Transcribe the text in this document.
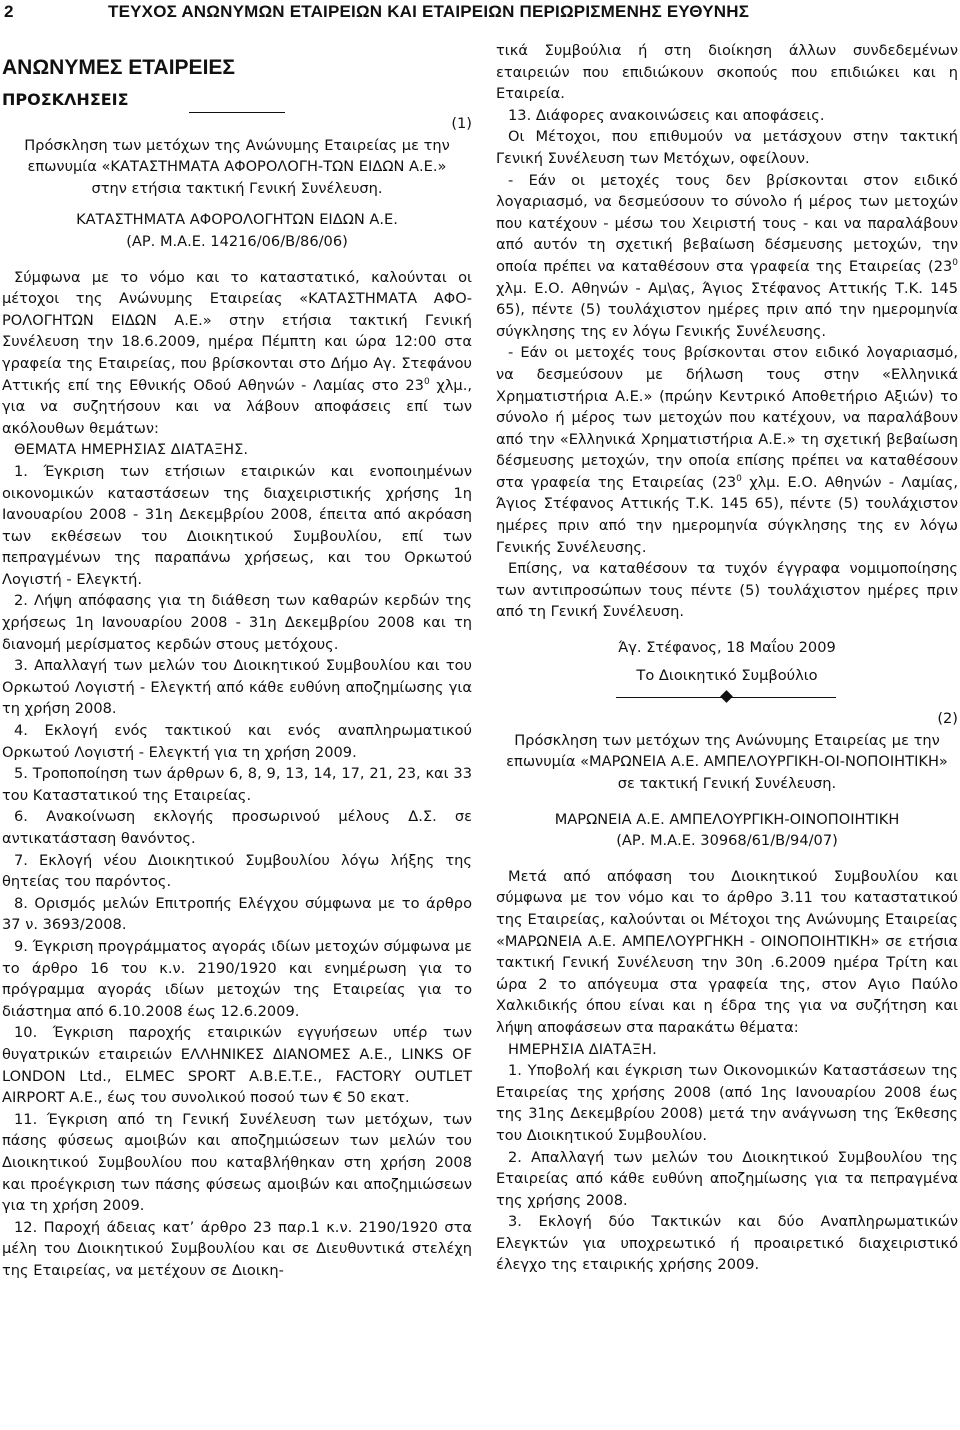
2	ΤΕΥΧΟΣ ΑΝΩΝΥΜΩΝ ΕΤΑΙΡΕΙΩΝ ΚΑΙ ΕΤΑΙΡΕΙΩΝ ΠΕΡΙΩΡΙΣΜΕΝΗΣ ΕΥΘΥΝΗΣ

ΑΝΩΝΥΜΕΣ ΕΤΑΙΡΕΙΕΣ

ΠΡΟΣΚΛΗΣΕΙΣ

(1)

Πρόσκληση των μετόχων της Ανώνυμης Εταιρείας με την επωνυμία «ΚΑΤΑΣΤΗΜΑΤΑ ΑΦΟΡΟΛΟΓΗ-ΤΩΝ ΕΙΔΩΝ Α.Ε.» στην ετήσια τακτική Γενική Συνέλευση.

ΚΑΤΑΣΤΗΜΑΤΑ ΑΦΟΡΟΛΟΓΗΤΩΝ ΕΙΔΩΝ Α.Ε.

(ΑΡ. Μ.Α.Ε. 14216/06/Β/86/06)

Σύμφωνα με το νόμο και το καταστατικό, καλούνται οι μέτοχοι της Ανώνυμης Εταιρείας «ΚΑΤΑΣΤΗΜΑΤΑ ΑΦΟ-ΡΟΛΟΓΗΤΩΝ ΕΙΔΩΝ Α.Ε.» στην ετήσια τακτική Γενική Συνέλευση την 18.6.2009, ημέρα Πέμπτη και ώρα 12:00 στα γραφεία της Εταιρείας, που βρίσκονται στο Δήμο Αγ. Στεφάνου Αττικής επί της Εθνικής Οδού Αθηνών - Λαμίας στο $23^0$ χλμ., για να συζητήσουν και να λάβουν αποφάσεις επί των ακόλουθων θεμάτων:

ΘΕΜΑΤΑ ΗΜΕΡΗΣΙΑΣ ΔΙΑΤΑΞΗΣ.

1. Έγκριση των ετήσιων εταιρικών και ενοποιημένων οικονομικών καταστάσεων της διαχειριστικής χρήσης 1η Ιανουαρίου 2008 - 31η Δεκεμβρίου 2008, έπειτα από ακρόαση των εκθέσεων του Διοικητικού Συμβουλίου, επί των πεπραγμένων της παραπάνω χρήσεως, και του Ορκωτού Λογιστή - Ελεγκτή.

2. Λήψη απόφασης για τη διάθεση των καθαρών κερδών της χρήσεως 1η Ιανουαρίου 2008 - 31η Δεκεμβρίου 2008 και τη διανομή μερίσματος κερδών στους μετόχους.

3. Απαλλαγή των μελών του Διοικητικού Συμβουλίου και του Ορκωτού Λογιστή - Ελεγκτή από κάθε ευθύνη αποζημίωσης για τη χρήση 2008.

4. Εκλογή ενός τακτικού και ενός αναπληρωματικού Ορκωτού Λογιστή - Ελεγκτή για τη χρήση 2009.

5. Τροποποίηση των άρθρων 6, 8, 9, 13, 14, 17, 21, 23, και 33 του Καταστατικού της Εταιρείας.

6. Ανακοίνωση εκλογής προσωρινού μέλους Δ.Σ. σε αντικατάσταση θανόντος.

7. Εκλογή νέου Διοικητικού Συμβουλίου λόγω λήξης της θητείας του παρόντος.

8. Ορισμός μελών Επιτροπής Ελέγχου σύμφωνα με το άρθρο 37 ν. 3693/2008.

9. Έγκριση προγράμματος αγοράς ιδίων μετοχών σύμφωνα με το άρθρο 16 του κ.ν. 2190/1920 και ενημέρωση για το πρόγραμμα αγοράς ιδίων μετοχών της Εταιρείας για το διάστημα από 6.10.2008 έως 12.6.2009.

10. Έγκριση παροχής εταιρικών εγγυήσεων υπέρ των θυγατρικών εταιρειών ΕΛΛΗΝΙΚΕΣ ΔΙΑΝΟΜΕΣ Α.Ε., LINKS OF LONDON Ltd., ELMEC SPORT A.B.E.T.E., FACTORY OUTLET AIRPORT Α.Ε., έως του συνολικού ποσού των € 50 εκατ.

11. Έγκριση από τη Γενική Συνέλευση των μετόχων, των πάσης φύσεως αμοιβών και αποζημιώσεων των μελών του Διοικητικού Συμβουλίου που καταβλήθηκαν στη χρήση 2008 και προέγκριση των πάσης φύσεως αμοιβών και αποζημιώσεων για τη χρήση 2009.

12. Παροχή άδειας κατ’ άρθρο 23 παρ.1 κ.ν. 2190/1920 στα μέλη του Διοικητικού Συμβουλίου και σε Διευθυντικά στελέχη της Εταιρείας, να μετέχουν σε Διοικη-

τικά Συμβούλια ή στη διοίκηση άλλων συνδεδεμένων εταιρειών που επιδιώκουν σκοπούς που επιδιώκει και η Εταιρεία.

13. Διάφορες ανακοινώσεις και αποφάσεις.

Οι Μέτοχοι, που επιθυμούν να μετάσχουν στην τακτική Γενική Συνέλευση των Μετόχων, οφείλουν.

- Εάν οι μετοχές τους δεν βρίσκονται στον ειδικό λογαριασμό, να δεσμεύσουν το σύνολο ή μέρος των μετοχών που κατέχουν - μέσω του Χειριστή τους - και να παραλάβουν από αυτόν τη σχετική βεβαίωση δέσμευσης μετοχών, την οποία πρέπει να καταθέσουν στα γραφεία της Εταιρείας ($23^0$ χλμ. Ε.Ο. Αθηνών - Αμ\ας, Άγιος Στέφανος Αττικής Τ.Κ. 145 65), πέντε (5) τουλάχιστον ημέρες πριν από την ημερομηνία σύγκλησης της εν λόγω Γενικής Συνέλευσης.

- Εάν οι μετοχές τους βρίσκονται στον ειδικό λογαριασμό, να δεσμεύσουν με δήλωση τους στην «Ελληνικά Χρηματιστήρια Α.Ε.» (πρώην Κεντρικό Αποθετήριο Αξιών) το σύνολο ή μέρος των μετοχών που κατέχουν, να παραλάβουν από την «Ελληνικά Χρηματιστήρια Α.Ε.» τη σχετική βεβαίωση δέσμευσης μετοχών, την οποία επίσης πρέπει να καταθέσουν στα γραφεία της Εταιρείας ($23^0$ χλμ. Ε.Ο. Αθηνών - Λαμίας, Άγιος Στέφανος Αττικής Τ.Κ. 145 65), πέντε (5) τουλάχιστον ημέρες πριν από την ημερομηνία σύγκλησης της εν λόγω Γενικής Συνέλευσης.

Επίσης, να καταθέσουν τα τυχόν έγγραφα νομιμοποίησης των αντιπροσώπων τους πέντε (5) τουλάχιστον ημέρες πριν από τη Γενική Συνέλευση.

Άγ. Στέφανος, 18 Μαΐου 2009

Το Διοικητικό Συμβούλιο

(2)

Πρόσκληση των μετόχων της Ανώνυμης Εταιρείας με την επωνυμία «ΜΑΡΩΝΕΙΑ Α.Ε. ΑΜΠΕΛΟΥΡΓΙΚΗ-ΟΙ-ΝΟΠΟΙΗΤΙΚΗ» σε τακτική Γενική Συνέλευση.

ΜΑΡΩΝΕΙΑ Α.Ε. ΑΜΠΕΛΟΥΡΓΙΚΗ-ΟΙΝΟΠΟΙΗΤΙΚΗ

(ΑΡ. Μ.Α.Ε. 30968/61/Β/94/07)

Μετά από απόφαση του Διοικητικού Συμβουλίου και σύμφωνα με τον νόμο και το άρθρο 3.11 του καταστατικού της Εταιρείας, καλούνται οι Μέτοχοι της Ανώνυμης Εταιρείας «ΜΑΡΩΝΕΙΑ Α.Ε. ΑΜΠΕΛΟΥΡΓΗΚΗ - ΟΙΝΟΠΟΙΗΤΙΚΗ» σε ετήσια τακτική Γενική Συνέλευση την 30η .6.2009 ημέρα Τρίτη και ώρα 2 το απόγευμα στα γραφεία της, στον Αγιο Παύλο Χαλκιδικής όπου είναι και η έδρα της για να συζήτηση και λήψη αποφάσεων στα παρακάτω θέματα:

ΗΜΕΡΗΣΙΑ ΔΙΑΤΑΞΗ.

1. Υποβολή και έγκριση των Οικονομικών Καταστάσεων της Εταιρείας της χρήσης 2008 (από 1ης Ιανουαρίου 2008 έως της 31ης Δεκεμβρίου 2008) μετά την ανάγνωση της Έκθεσης του Διοικητικού Συμβουλίου.

2. Απαλλαγή των μελών του Διοικητικού Συμβουλίου της Εταιρείας από κάθε ευθύνη αποζημίωσης για τα πεπραγμένα της χρήσης 2008.

3. Εκλογή δύο Τακτικών και δύο Αναπληρωματικών Ελεγκτών για υποχρεωτικό ή προαιρετικό διαχειριστικό έλεγχο της εταιρικής χρήσης 2009.
